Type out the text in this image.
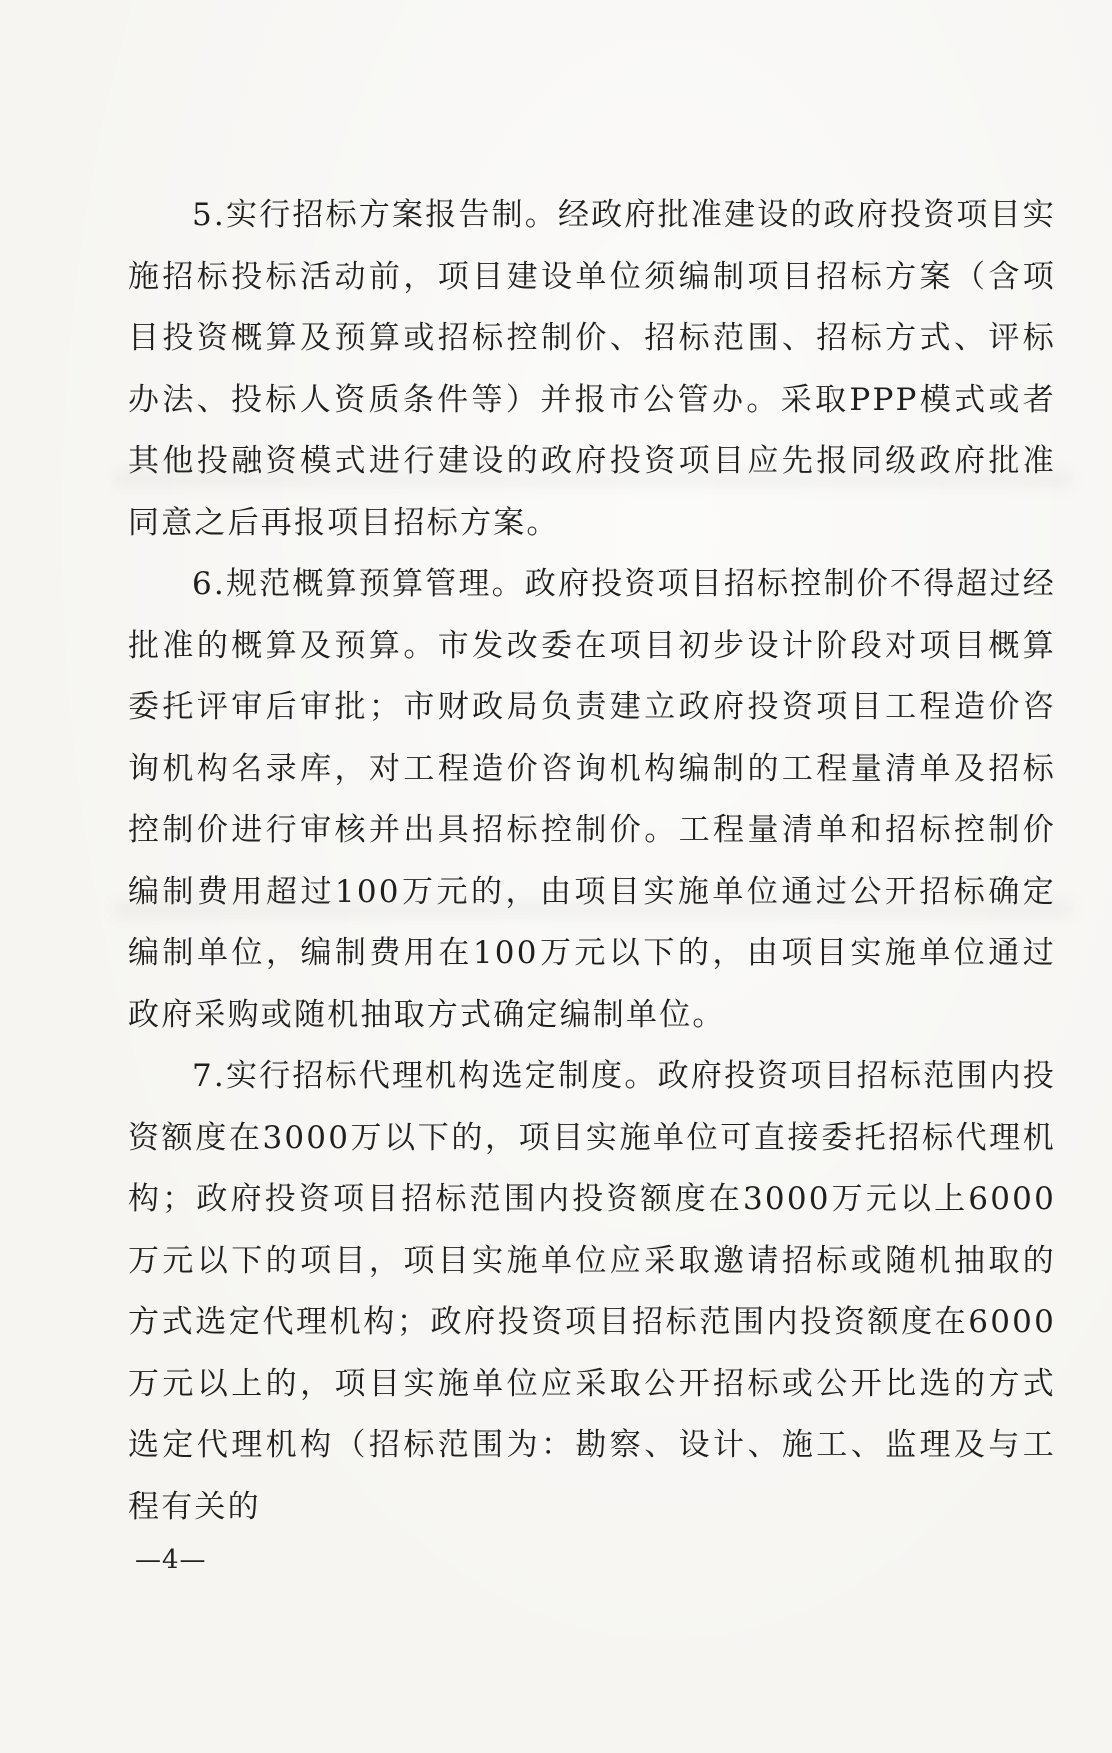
5.实行招标方案报告制。经政府批准建设的政府投资项目实施招标投标活动前，项目建设单位须编制项目招标方案（含项目投资概算及预算或招标控制价、招标范围、招标方式、评标办法、投标人资质条件等）并报市公管办。采取PPP模式或者其他投融资模式进行建设的政府投资项目应先报同级政府批准同意之后再报项目招标方案。

6.规范概算预算管理。政府投资项目招标控制价不得超过经批准的概算及预算。市发改委在项目初步设计阶段对项目概算委托评审后审批；市财政局负责建立政府投资项目工程造价咨询机构名录库，对工程造价咨询机构编制的工程量清单及招标控制价进行审核并出具招标控制价。工程量清单和招标控制价编制费用超过100万元的，由项目实施单位通过公开招标确定编制单位，编制费用在100万元以下的，由项目实施单位通过政府采购或随机抽取方式确定编制单位。

7.实行招标代理机构选定制度。政府投资项目招标范围内投资额度在3000万以下的，项目实施单位可直接委托招标代理机构；政府投资项目招标范围内投资额度在3000万元以上6000万元以下的项目，项目实施单位应采取邀请招标或随机抽取的方式选定代理机构；政府投资项目招标范围内投资额度在6000万元以上的，项目实施单位应采取公开招标或公开比选的方式选定代理机构（招标范围为：勘察、设计、施工、监理及与工程有关的

—4—
